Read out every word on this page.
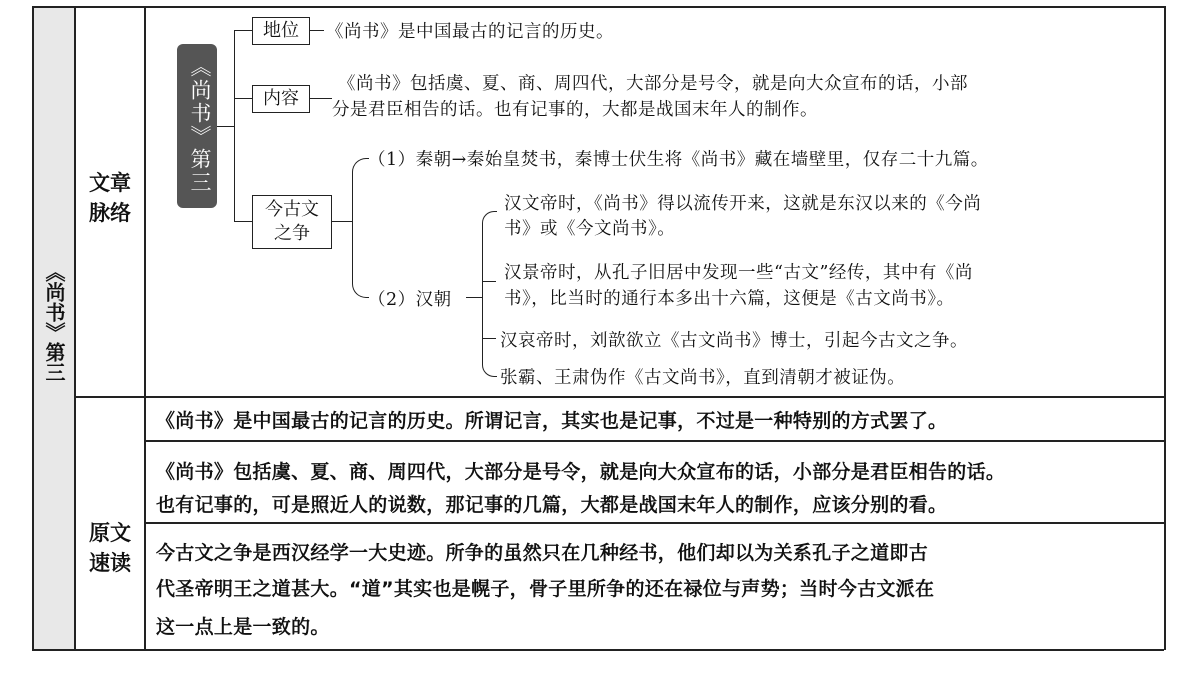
《尚书》第三
文章
脉络
原文
速读
《尚书》第三
地位	《尚书》是中国最古的记言的历史。
内容
《尚书》包括虞、夏、商、周四代，大部分是号令，就是向大众宣布的话，小部
分是君臣相告的话。也有记事的，大都是战国末年人的制作。
今古文
之争
（1）秦朝→秦始皇焚书，秦博士伏生将《尚书》藏在墙壁里，仅存二十九篇。
（2）汉朝
汉文帝时，《尚书》得以流传开来，这就是东汉以来的《今尚
书》或《今文尚书》。
汉景帝时，从孔子旧居中发现一些“古文”经传，其中有《尚
书》，比当时的通行本多出十六篇，这便是《古文尚书》。
汉哀帝时，刘歆欲立《古文尚书》博士，引起今古文之争。
张霸、王肃伪作《古文尚书》，直到清朝才被证伪。
《尚书》是中国最古的记言的历史。所谓记言，其实也是记事，不过是一种特别的方式罢了。
《尚书》包括虞、夏、商、周四代，大部分是号令，就是向大众宣布的话，小部分是君臣相告的话。
也有记事的，可是照近人的说数，那记事的几篇，大都是战国末年人的制作，应该分别的看。
今古文之争是西汉经学一大史迹。所争的虽然只在几种经书，他们却以为关系孔子之道即古
代圣帝明王之道甚大。“道”其实也是幌子，骨子里所争的还在禄位与声势；当时今古文派在
这一点上是一致的。
